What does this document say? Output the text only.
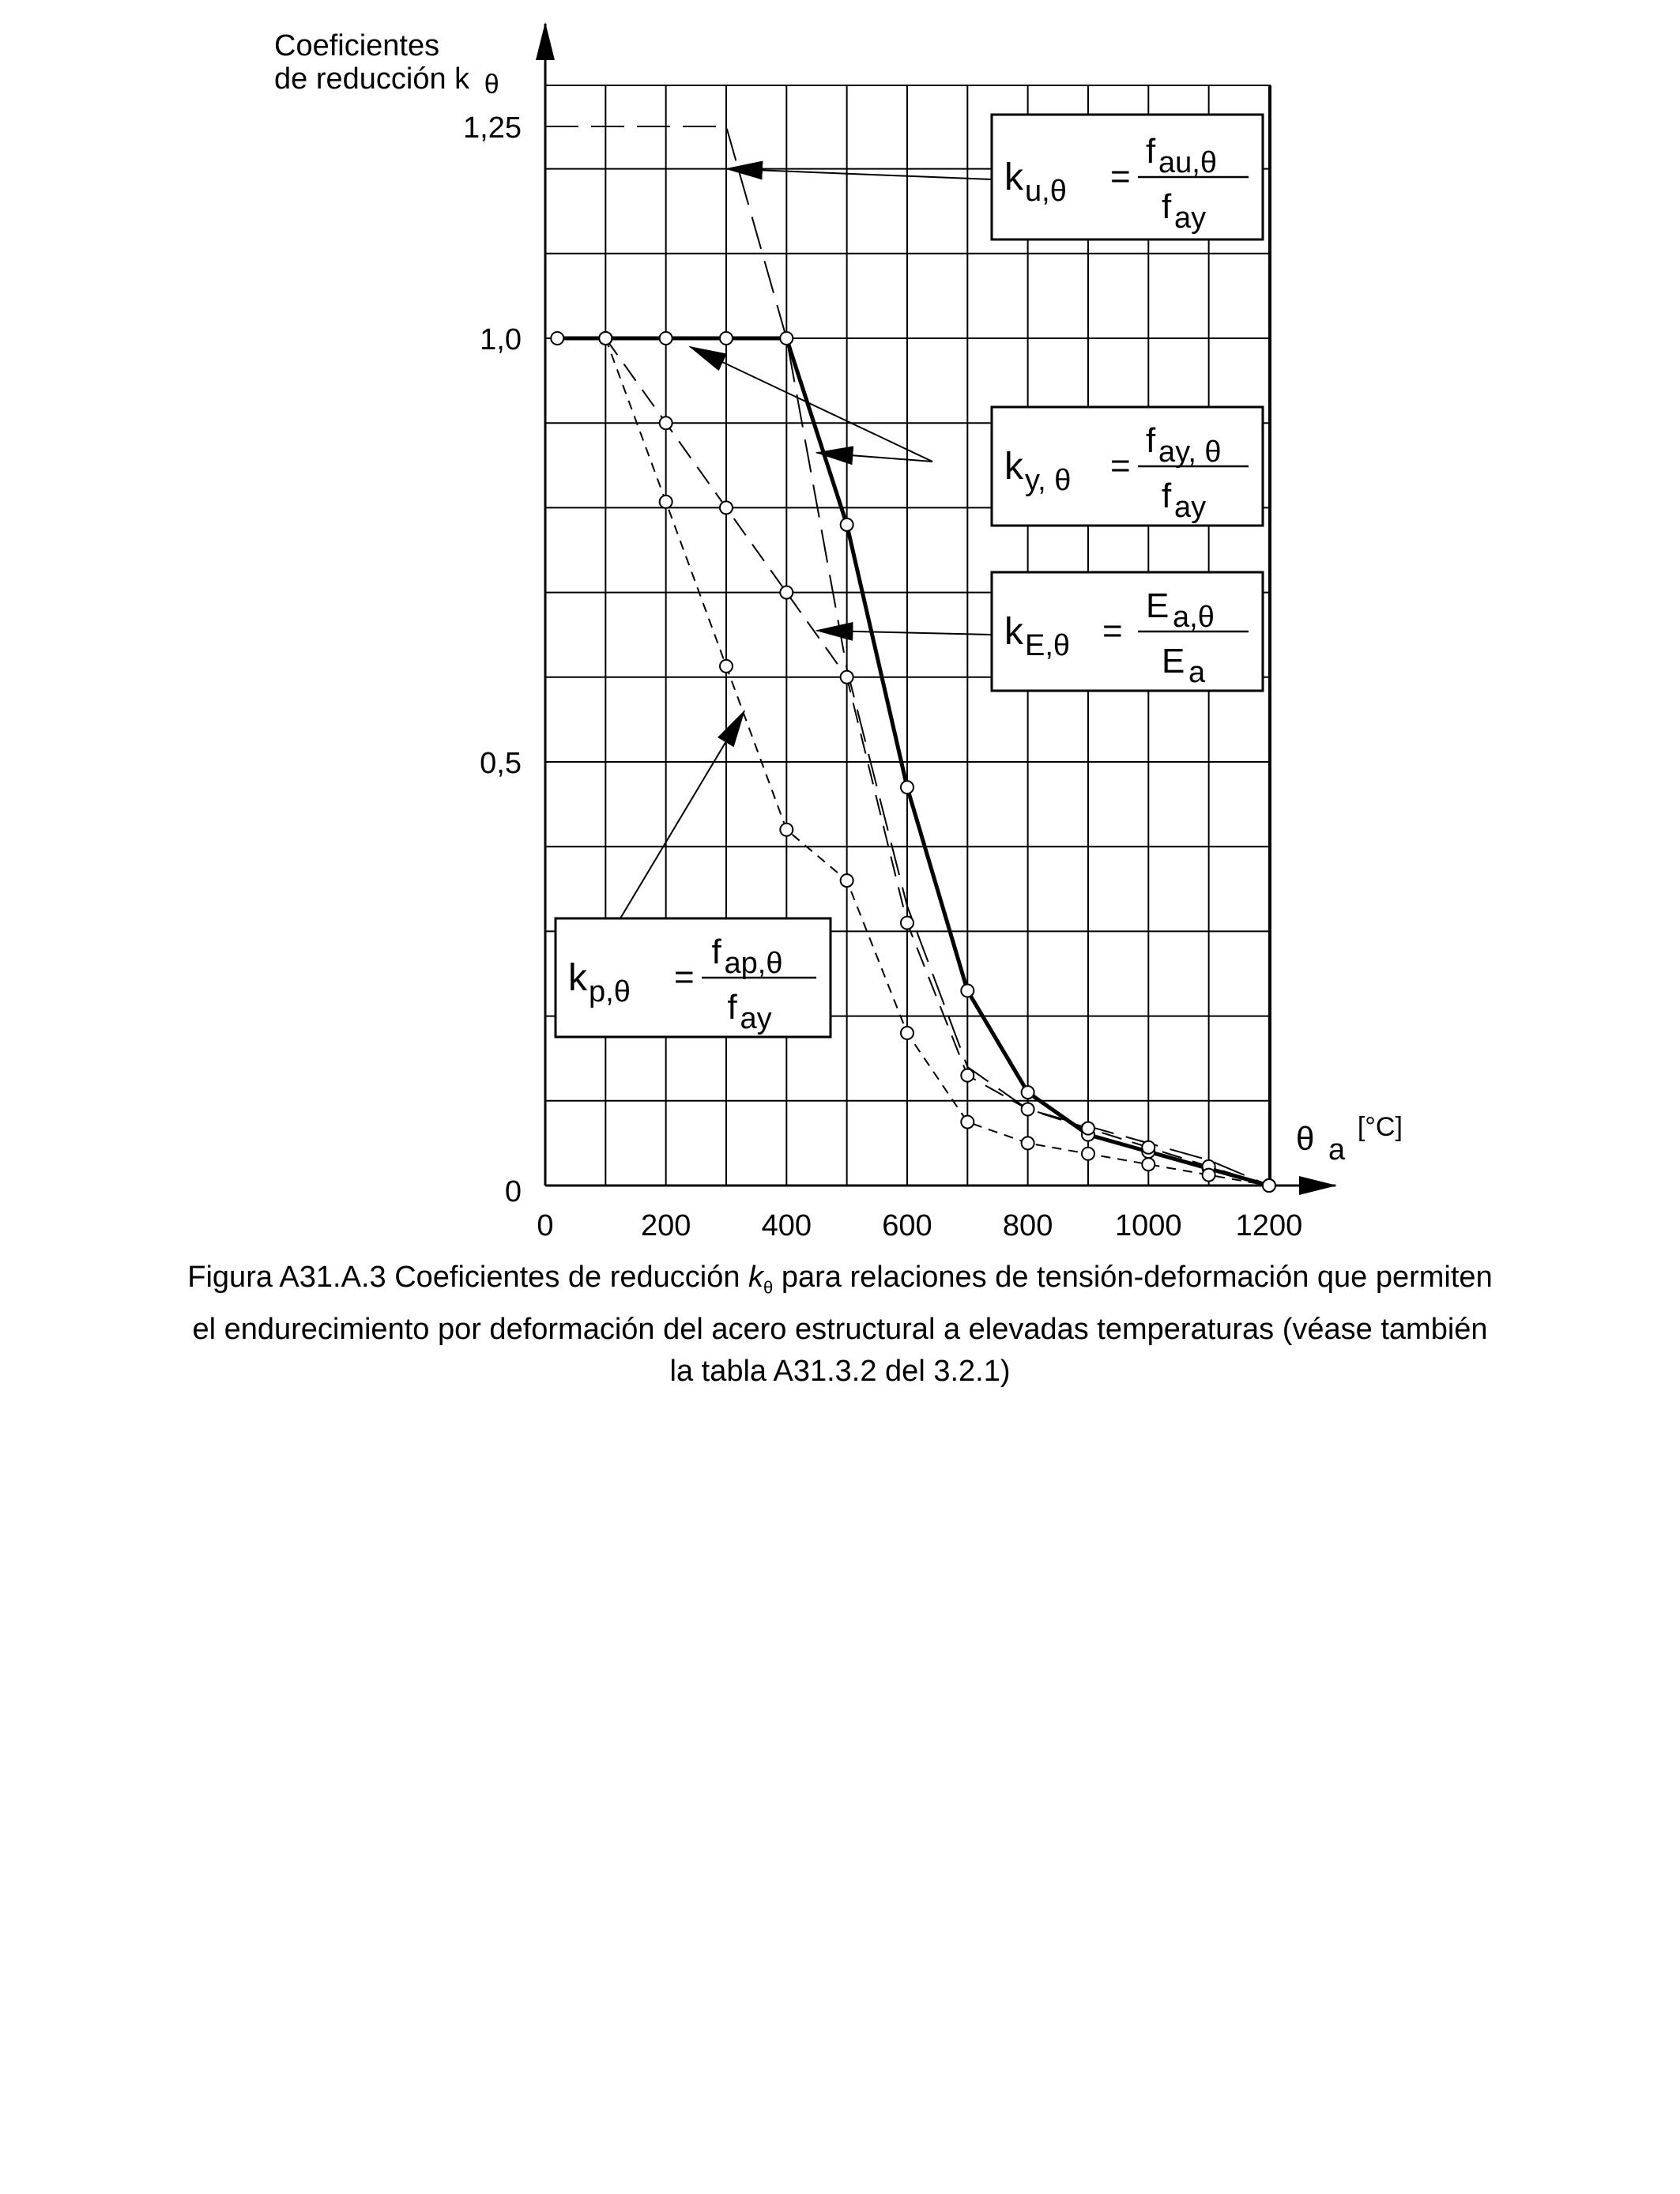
0	200 400 600 800 1000 1200
0
0,5
1,0
1,25
k u,θ =
f au,θ
f ay
k y, θ =
f ay, θ
f ay
k E,θ =
E a,θ
E a
k p,θ =
f ap,θ
f ay
Coeficientes
de reducción k θ
θ a [°C]
Figura A31.A.3 Coeficientes de reducción $k_\theta$ para relaciones de tensión-deformación que permiten
el endurecimiento por deformación del acero estructural a elevadas temperaturas (véase también
la tabla A31.3.2 del 3.2.1)
